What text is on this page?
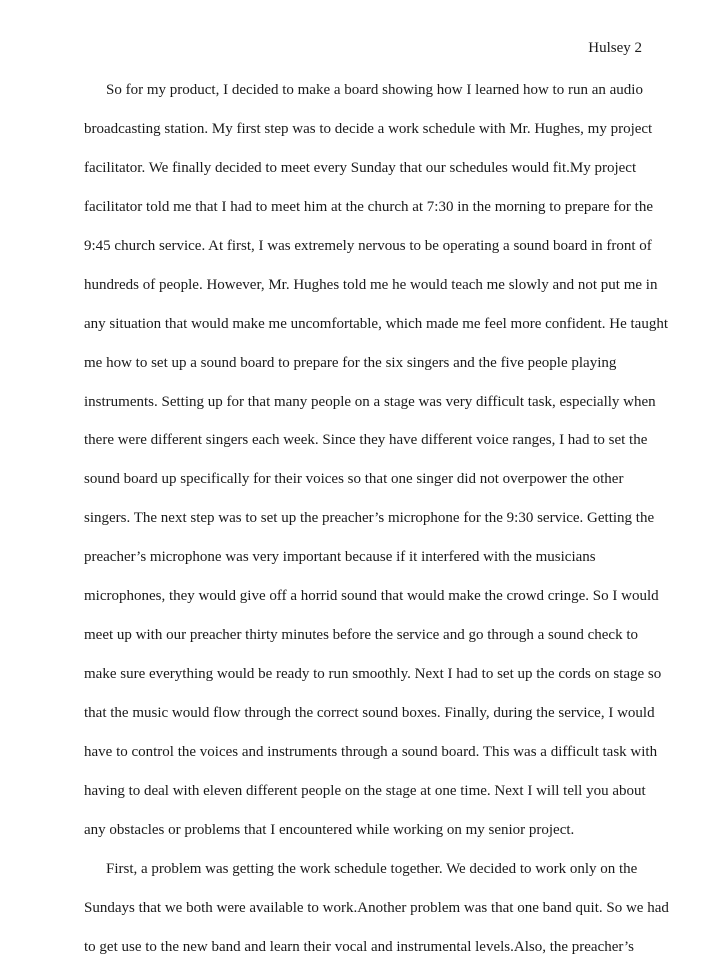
Hulsey 2
So for my product, I decided to make a board showing how I learned how to run an audio
broadcasting station. My first step was to decide a work schedule with Mr. Hughes, my project
facilitator. We finally decided to meet every Sunday that our schedules would fit.My project
facilitator told me that I had to meet him at the church at 7:30 in the morning to prepare for the
9:45 church service. At first, I was extremely nervous to be operating a sound board in front of
hundreds of people. However, Mr. Hughes told me he would teach me slowly and not put me in
any situation that would make me uncomfortable, which made me feel more confident. He taught
me how to set up a sound board to prepare for the six singers and the five people playing
instruments. Setting up for that many people on a stage was very difficult task, especially when
there were different singers each week. Since they have different voice ranges, I had to set the
sound board up specifically for their voices so that one singer did not overpower the other
singers. The next step was to set up the preacher’s microphone for the 9:30 service. Getting the
preacher’s microphone was very important because if it interfered with the musicians
microphones, they would give off a horrid sound that would make the crowd cringe. So I would
meet up with our preacher thirty minutes before the service and go through a sound check to
make sure everything would be ready to run smoothly. Next I had to set up the cords on stage so
that the music would flow through the correct sound boxes. Finally, during the service, I would
have to control the voices and instruments through a sound board. This was a difficult task with
having to deal with eleven different people on the stage at one time. Next I will tell you about
any obstacles or problems that I encountered while working on my senior project.
First, a problem was getting the work schedule together. We decided to work only on the
Sundays that we both were available to work.Another problem was that one band quit. So we had
to get use to the new band and learn their vocal and instrumental levels.Also, the preacher’s
